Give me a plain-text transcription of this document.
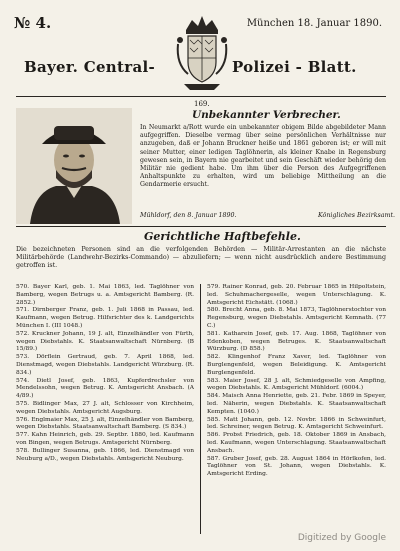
№ 4.	München 18. Januar 1890.
Bayer. Central-	Polizei - Blatt.
169.
Unbekannter Verbrecher.

In Neumarkt a/Rott wurde ein unbekannter obigem Bilde abgebildeter Mann aufgegriffen. Dieselbe vermag über seine persönlichen Verhältnisse nur anzugeben, daß er Johann Bruckner heiße und 1861 geboren ist; er will mit seiner Mutter, einer ledigen Taglöhnerin, als kleiner Knabe in Regensburg gewesen sein, in Bayern nie gearbeitet und sein Geschäft wieder behörig den Militär nie gedient habe. Um ihm über die Person des Aufgegriffenen Anhaltspunkte zu erhalten, wird um beliebige Mittheilung an die Gendarmerie ersucht.

Mühldorf, den 8. Januar 1890.	Königliches Bezirksamt.
Gerichtliche Haftbefehle.

Die bezeichneten Personen sind an die verfolgenden Behörden — Militär-Arrestanten an die nächste Militärbehörde (Landwehr-Bezirks-Commando) — abzuliefern; — wenn nicht ausdrücklich andere Bestimmung getroffen ist.

570. Bayer Karl, geb. 1. Mai 1863, led. Taglöhner von Bamberg, wegen Betrugs u. a. Amtsgericht Bamberg. (R. 2852.)

571. Dirnberger Franz, geb. 1. Juli 1868 in Passau, led. Kaufmann, wegen Betrug. Hilfsrichter des k. Landgerichts München I. (III 1048.)

572. Kruckner Johann, 19 J. alt, Einzelhändler von Fürth, wegen Diebstahls. K. Staatsanwaltschaft Nürnberg. (B 15/89.)

573. Dörflein Gertraud, geb. 7. April 1868, led. Dienstmagd, wegen Diebstahls. Landgericht Würzburg. (R. 834.)

574. Dietl Josef, geb. 1863, Kupferdrechsler von Mendelssohn, wegen Betrug. K. Amtsgericht Ansbach. (A 4/89.)

575. Bidlinger Max, 27 J. alt, Schlosser von Kirchheim, wegen Diebstahls. Amtsgericht Augsburg.

576. Englmaier Max, 25 J. alt, Einzelhändler von Bamberg, wegen Diebstahls. Staatsanwaltschaft Bamberg. (S 834.)

577. Kahn Heinrich, geb. 29. Septbr. 1880, led. Kaufmann von Bingen, wegen Betrugs. Amtsgericht Nürnberg.

578. Bullinger Susanna, geb. 1866, led. Dienstmagd von Neuburg a/D., wegen Diebstahls. Amtsgericht Neuburg.

579. Rainer Konrad, geb. 20. Februar 1865 in Hilpoltstein, led. Schuhmachergeselle, wegen Unterschlagung. K. Amtsgericht Eichstätt. (1068.)

580. Brecht Anna, geb. 8. Mai 1873, Taglöhnerstochter von Regensburg, wegen Diebstahls. Amtsgericht Kemnath. (77 C.)

581. Katharein Josef, geb. 17. Aug. 1868, Taglöhner von Edenkoben, wegen Betruges. K. Staatsanwaltschaft Würzburg. (D 858.)

582. Klingenhof Franz Xaver, led. Taglöhner von Burglengenfeld, wegen Beleidigung. K. Amtsgericht Burglengenfeld.

583. Maier Josef, 28 J. alt, Schmiedgeselle von Ampfing, wegen Diebstahls. K. Amtsgericht Mühldorf. (6004.)

584. Maisch Anna Henriette, geb. 21. Febr. 1869 in Speyer, led. Näherin, wegen Diebstahls. K. Staatsanwaltschaft Kempten. (1040.)

585. Matt Johann, geb. 12. Novbr. 1866 in Schweinfurt, led. Schreiner, wegen Betrug. K. Amtsgericht Schweinfurt.

586. Probst Friedrich, geb. 18. Oktober 1869 in Ansbach, led. Kaufmann, wegen Unterschlagung. Staatsanwaltschaft Ansbach.

587. Gruber Josef, geb. 28. August 1864 in Hörlkofen, led. Taglöhner von St. Johann, wegen Diebstahls. K. Amtsgericht Erding.

Digitized by Google
